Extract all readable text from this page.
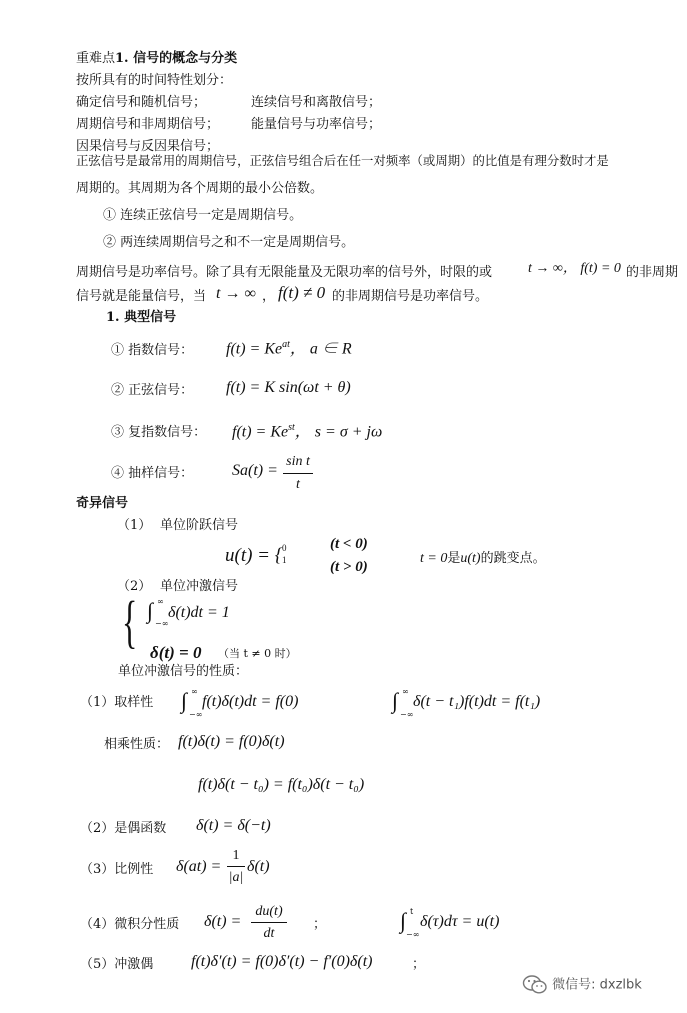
重难点1. 信号的概念与分类
按所具有的时间特性划分：
确定信号和随机信号；	连续信号和离散信号；
周期信号和非周期信号； 能量信号与功率信号；
因果信号与反因果信号；
正弦信号是最常用的周期信号，正弦信号组合后在任一对频率（或周期）的比值是有理分数时才是
周期的。其周期为各个周期的最小公倍数。
① 连续正弦信号一定是周期信号。
② 两连续周期信号之和不一定是周期信号。
周期信号是功率信号。除了具有无限能量及无限功率的信号外，时限的或	t → ∞， f(t) = 0 的非周期
信号就是能量信号，当 t → ∞ ， f(t) ≠ 0 的非周期信号是功率信号。
1. 典型信号
① 指数信号： $f(t) = Ke^{at}$， a ∈ R
② 正弦信号： f(t) = K sin(ωt + θ)
③ 复指数信号： $f(t) = Ke^{st}$， s = σ + jω
④ 抽样信号： Sa(t) =
sin t
t
奇异信号
（1） 单位阶跃信号
u(t) = { 0
1
(t < 0)
(t > 0)
t = 0是u(t)的跳变点。
（2） 单位冲激信号
{ ∫ ∞
−∞
δ(t)dt = 1
δ(t) = 0 （当 t ≠ 0 时）
单位冲激信号的性质：
（1）取样性 ∫ ∞
−∞
f(t)δ(t)dt = f(0)	∫ ∞
−∞
δ(t − t₁)f(t)dt = f(t₁)
相乘性质： f(t)δ(t) = f(0)δ(t)
f(t)δ(t − t₀) = f(t₀)δ(t − t₀)
（2）是偶函数 δ(t) = δ(−t)
（3）比例性 δ(at) =
1
|a|
δ(t)
（4）微积分性质 δ(t) =
du(t)
dt
；	∫ t
−∞
δ(τ)dτ = u(t)
（5）冲激偶 f(t)δ′(t) = f(0)δ′(t) − f′(0)δ(t)	；
微信号: dxzlbk
